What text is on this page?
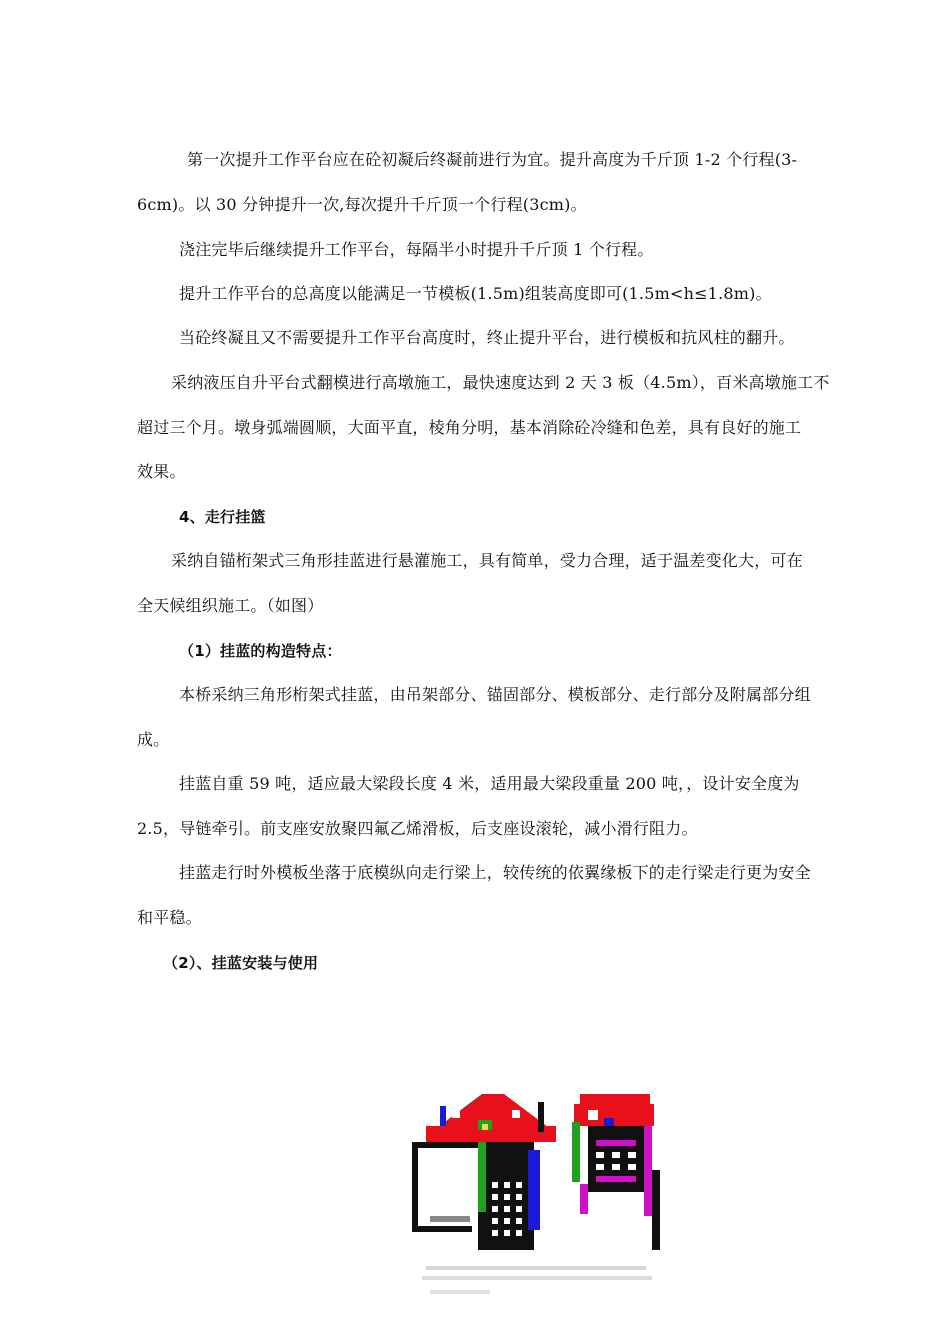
第一次提升工作平台应在砼初凝后终凝前进行为宜。提升高度为千斤顶 1-2 个行程(3-
6cm)。以 30 分钟提升一次,每次提升千斤顶一个行程(3cm)。
浇注完毕后继续提升工作平台，每隔半小时提升千斤顶 1 个行程。
提升工作平台的总高度以能满足一节模板(1.5m)组装高度即可(1.5m<h≤1.8m)。
当砼终凝且又不需要提升工作平台高度时，终止提升平台，进行模板和抗风柱的翻升。
采纳液压自升平台式翻模进行高墩施工，最快速度达到 2 天 3 板（4.5m），百米高墩施工不
超过三个月。墩身弧端圆顺，大面平直，棱角分明，基本消除砼冷缝和色差，具有良好的施工
效果。
4、走行挂篮
采纳自锚桁架式三角形挂蓝进行悬灌施工，具有简单，受力合理，适于温差变化大，可在
全天候组织施工。（如图）
（1）挂蓝的构造特点：
本桥采纳三角形桁架式挂蓝，由吊架部分、锚固部分、模板部分、走行部分及附属部分组
成。
挂蓝自重 59 吨，适应最大梁段长度 4 米，适用最大梁段重量 200 吨，，设计安全度为
2.5，导链牵引。前支座安放聚四氟乙烯滑板，后支座设滚轮，减小滑行阻力。
挂蓝走行时外模板坐落于底模纵向走行梁上，较传统的依翼缘板下的走行梁走行更为安全
和平稳。
（2）、挂蓝安装与使用
